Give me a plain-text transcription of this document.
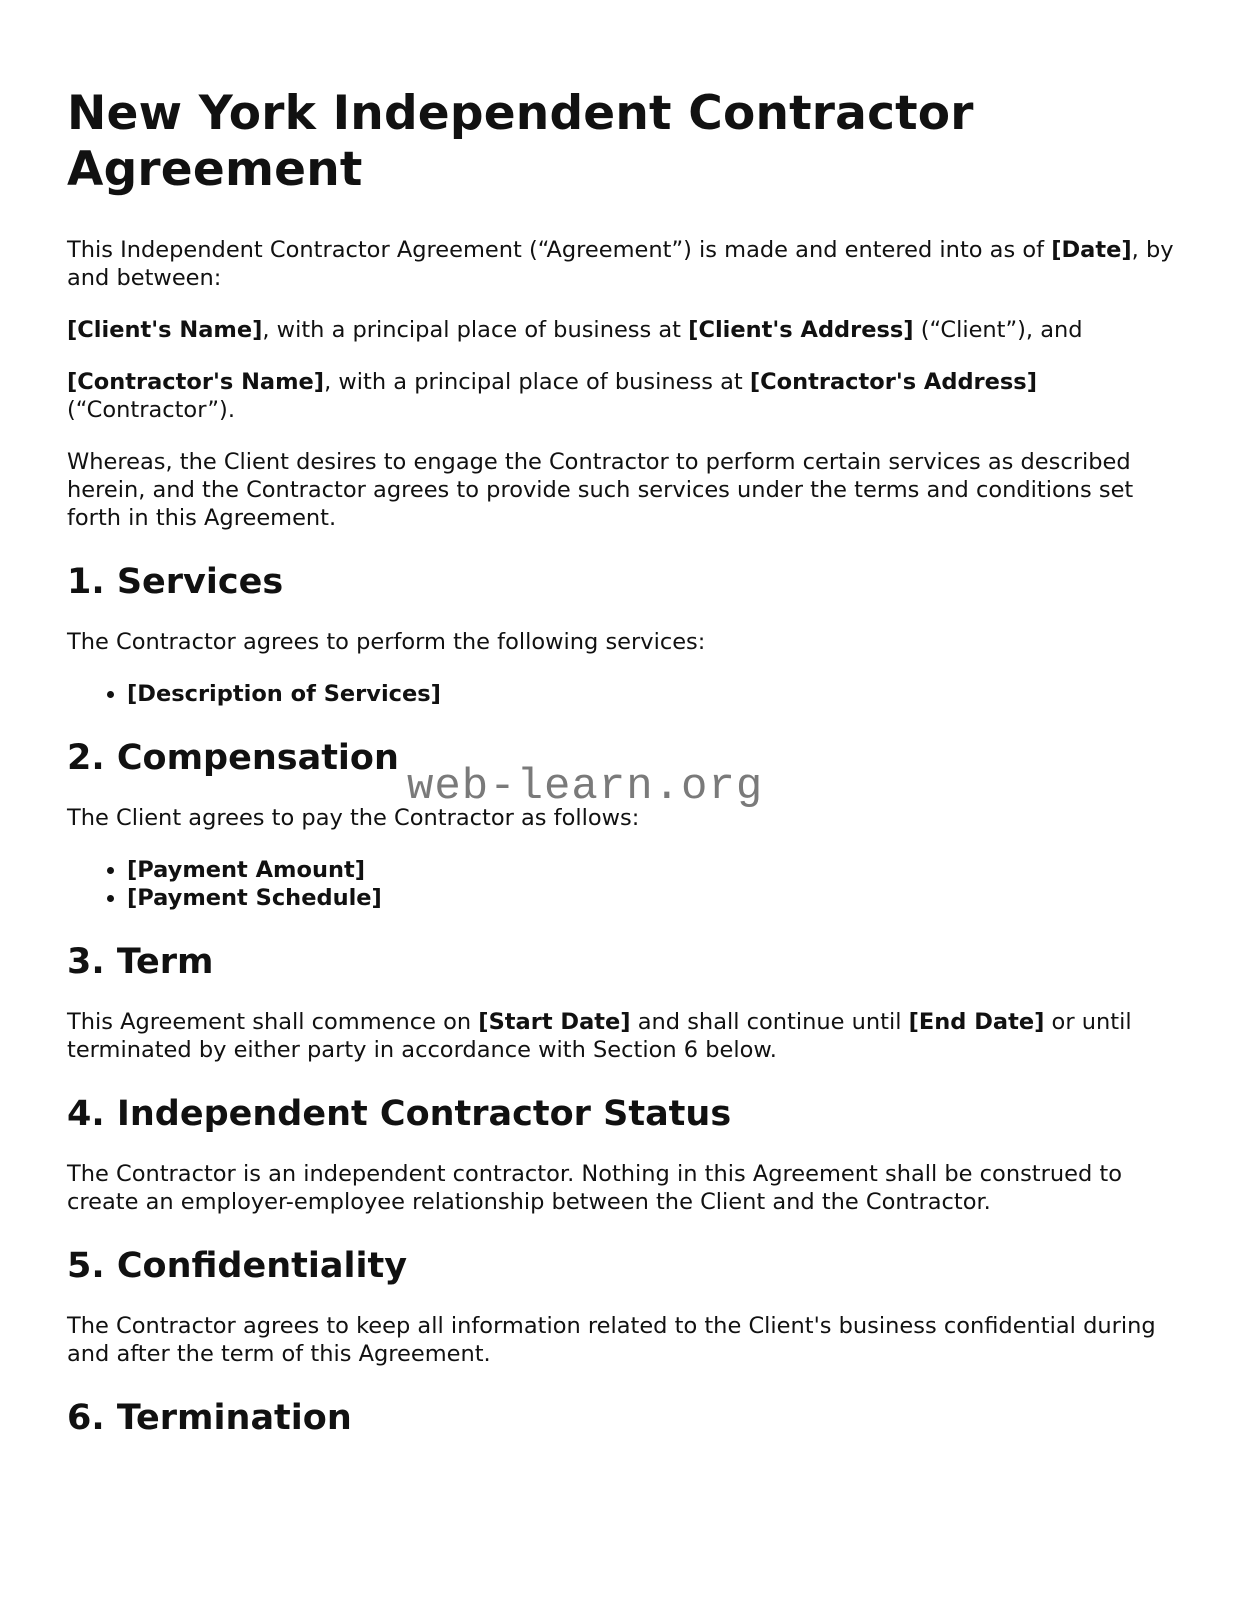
New York Independent Contractor Agreement

This Independent Contractor Agreement (“Agreement”) is made and entered into as of [Date], by and between:

[Client's Name], with a principal place of business at [Client's Address] (“Client”), and

[Contractor's Name], with a principal place of business at [Contractor's Address]
(“Contractor”).

Whereas, the Client desires to engage the Contractor to perform certain services as described herein, and the Contractor agrees to provide such services under the terms and conditions set forth in this Agreement.

1. Services

The Contractor agrees to perform the following services:

• [Description of Services]
2. Compensation

The Client agrees to pay the Contractor as follows:

• [Payment Amount]
• [Payment Schedule]
3. Term

This Agreement shall commence on [Start Date] and shall continue until [End Date] or until terminated by either party in accordance with Section 6 below.

4. Independent Contractor Status

The Contractor is an independent contractor. Nothing in this Agreement shall be construed to create an employer-employee relationship between the Client and the Contractor.

5. Confidentiality

The Contractor agrees to keep all information related to the Client's business confidential during and after the term of this Agreement.

6. Termination
web-learn.org
